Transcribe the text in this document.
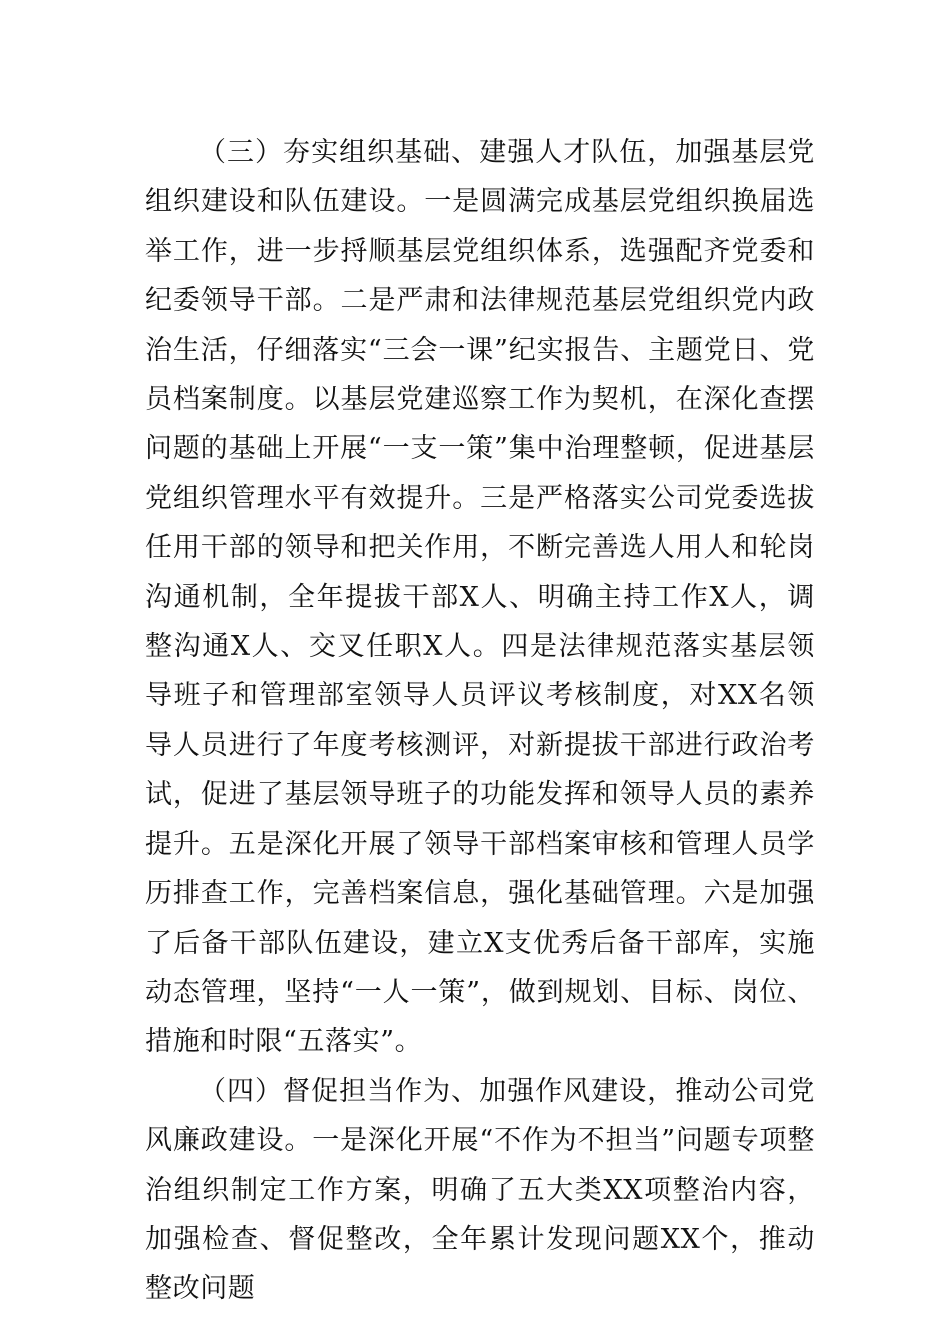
（三）夯实组织基础、建强人才队伍，加强基层党组织建设和队伍建设。一是圆满完成基层党组织换届选举工作，进一步捋顺基层党组织体系，选强配齐党委和纪委领导干部。二是严肃和法律规范基层党组织党内政治生活，仔细落实“三会一课”纪实报告、主题党日、党员档案制度。以基层党建巡察工作为契机，在深化查摆问题的基础上开展“一支一策”集中治理整顿，促进基层党组织管理水平有效提升。三是严格落实公司党委选拔任用干部的领导和把关作用，不断完善选人用人和轮岗沟通机制，全年提拔干部X人、明确主持工作X人，调整沟通X人、交叉任职X人。四是法律规范落实基层领导班子和管理部室领导人员评议考核制度，对XX名领导人员进行了年度考核测评，对新提拔干部进行政治考试，促进了基层领导班子的功能发挥和领导人员的素养提升。五是深化开展了领导干部档案审核和管理人员学历排查工作，完善档案信息，强化基础管理。六是加强了后备干部队伍建设，建立X支优秀后备干部库，实施动态管理，坚持“一人一策”，做到规划、目标、岗位、措施和时限“五落实”。

（四）督促担当作为、加强作风建设，推动公司党风廉政建设。一是深化开展“不作为不担当”问题专项整治组织制定工作方案，明确了五大类XX项整治内容，加强检查、督促整改，全年累计发现问题XX个，推动整改问题
